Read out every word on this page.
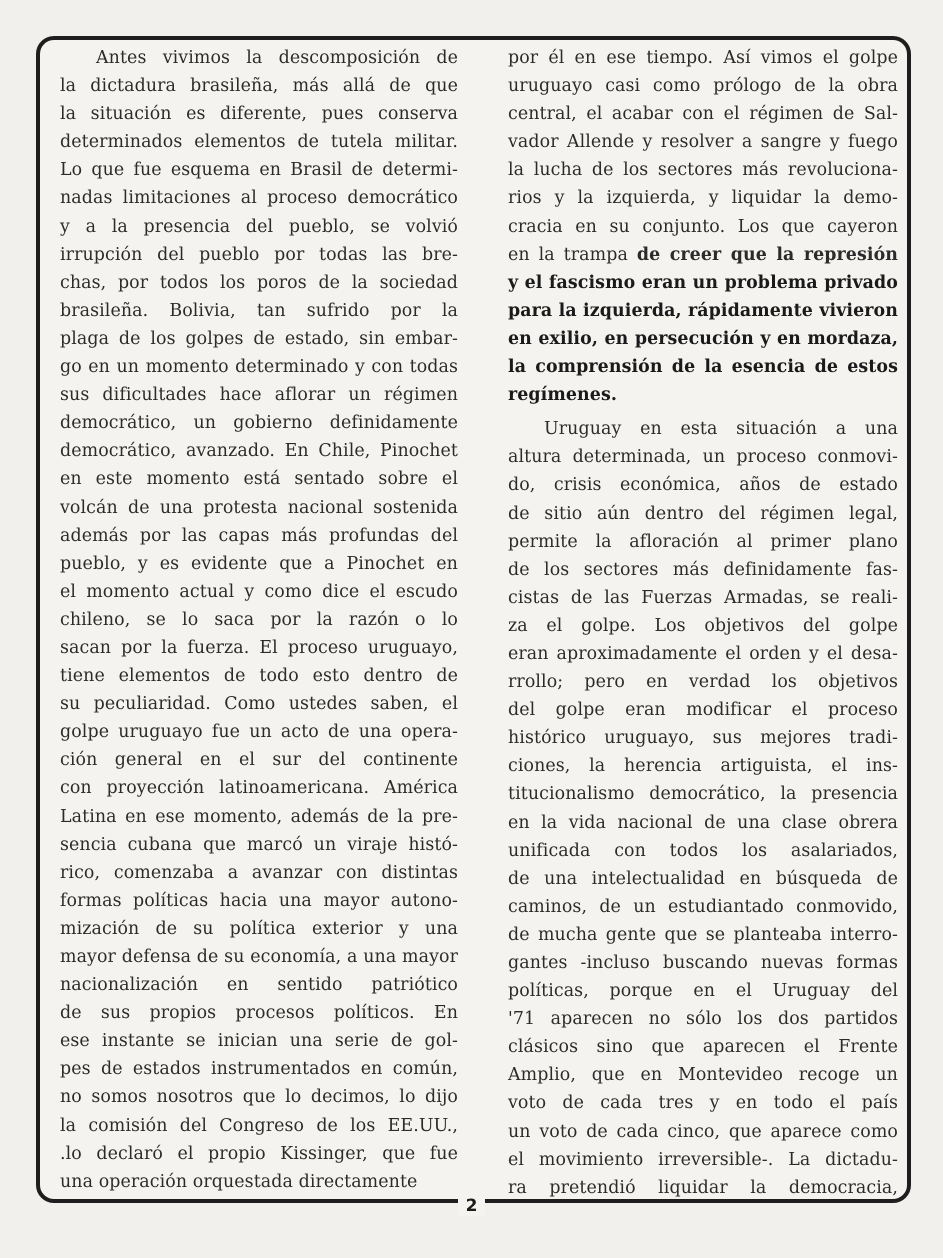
Antes vivimos la descomposición de
la dictadura brasileña, más allá de que
la situación es diferente, pues conserva
determinados elementos de tutela militar.
Lo que fue esquema en Brasil de determi-
nadas limitaciones al proceso democrático
y a la presencia del pueblo, se volvió
irrupción del pueblo por todas las bre-
chas, por todos los poros de la sociedad
brasileña. Bolivia, tan sufrido por la
plaga de los golpes de estado, sin embar-
go en un momento determinado y con todas
sus dificultades hace aflorar un régimen
democrático, un gobierno definidamente
democrático, avanzado. En Chile, Pinochet
en este momento está sentado sobre el
volcán de una protesta nacional sostenida
además por las capas más profundas del
pueblo, y es evidente que a Pinochet en
el momento actual y como dice el escudo
chileno, se lo saca por la razón o lo
sacan por la fuerza. El proceso uruguayo,
tiene elementos de todo esto dentro de
su peculiaridad. Como ustedes saben, el
golpe uruguayo fue un acto de una opera-
ción general en el sur del continente
con proyección latinoamericana. América
Latina en ese momento, además de la pre-
sencia cubana que marcó un viraje histó-
rico, comenzaba a avanzar con distintas
formas políticas hacia una mayor autono-
mización de su política exterior y una
mayor defensa de su economía, a una mayor
nacionalización en sentido patriótico
de sus propios procesos políticos. En
ese instante se inician una serie de gol-
pes de estados instrumentados en común,
no somos nosotros que lo decimos, lo dijo
la comisión del Congreso de los EE.UU.,
.lo declaró el propio Kissinger, que fue
una operación orquestada directamente
por él en ese tiempo. Así vimos el golpe
uruguayo casi como prólogo de la obra
central, el acabar con el régimen de Sal-
vador Allende y resolver a sangre y fuego
la lucha de los sectores más revoluciona-
rios y la izquierda, y liquidar la demo-
cracia en su conjunto. Los que cayeron
en la trampa de creer que la represión
y el fascismo eran un problema privado
para la izquierda, rápidamente vivieron
en exilio, en persecución y en mordaza,
la comprensión de la esencia de estos
regímenes.
Uruguay en esta situación a una
altura determinada, un proceso conmovi-
do, crisis económica, años de estado
de sitio aún dentro del régimen legal,
permite la afloración al primer plano
de los sectores más definidamente fas-
cistas de las Fuerzas Armadas, se reali-
za el golpe. Los objetivos del golpe
eran aproximadamente el orden y el desa-
rrollo; pero en verdad los objetivos
del golpe eran modificar el proceso
histórico uruguayo, sus mejores tradi-
ciones, la herencia artiguista, el ins-
titucionalismo democrático, la presencia
en la vida nacional de una clase obrera
unificada con todos los asalariados,
de una intelectualidad en búsqueda de
caminos, de un estudiantado conmovido,
de mucha gente que se planteaba interro-
gantes -incluso buscando nuevas formas
políticas, porque en el Uruguay del
'71 aparecen no sólo los dos partidos
clásicos sino que aparecen el Frente
Amplio, que en Montevideo recoge un
voto de cada tres y en todo el país
un voto de cada cinco, que aparece como
el movimiento irreversible-. La dictadu-
ra pretendió liquidar la democracia,
2
